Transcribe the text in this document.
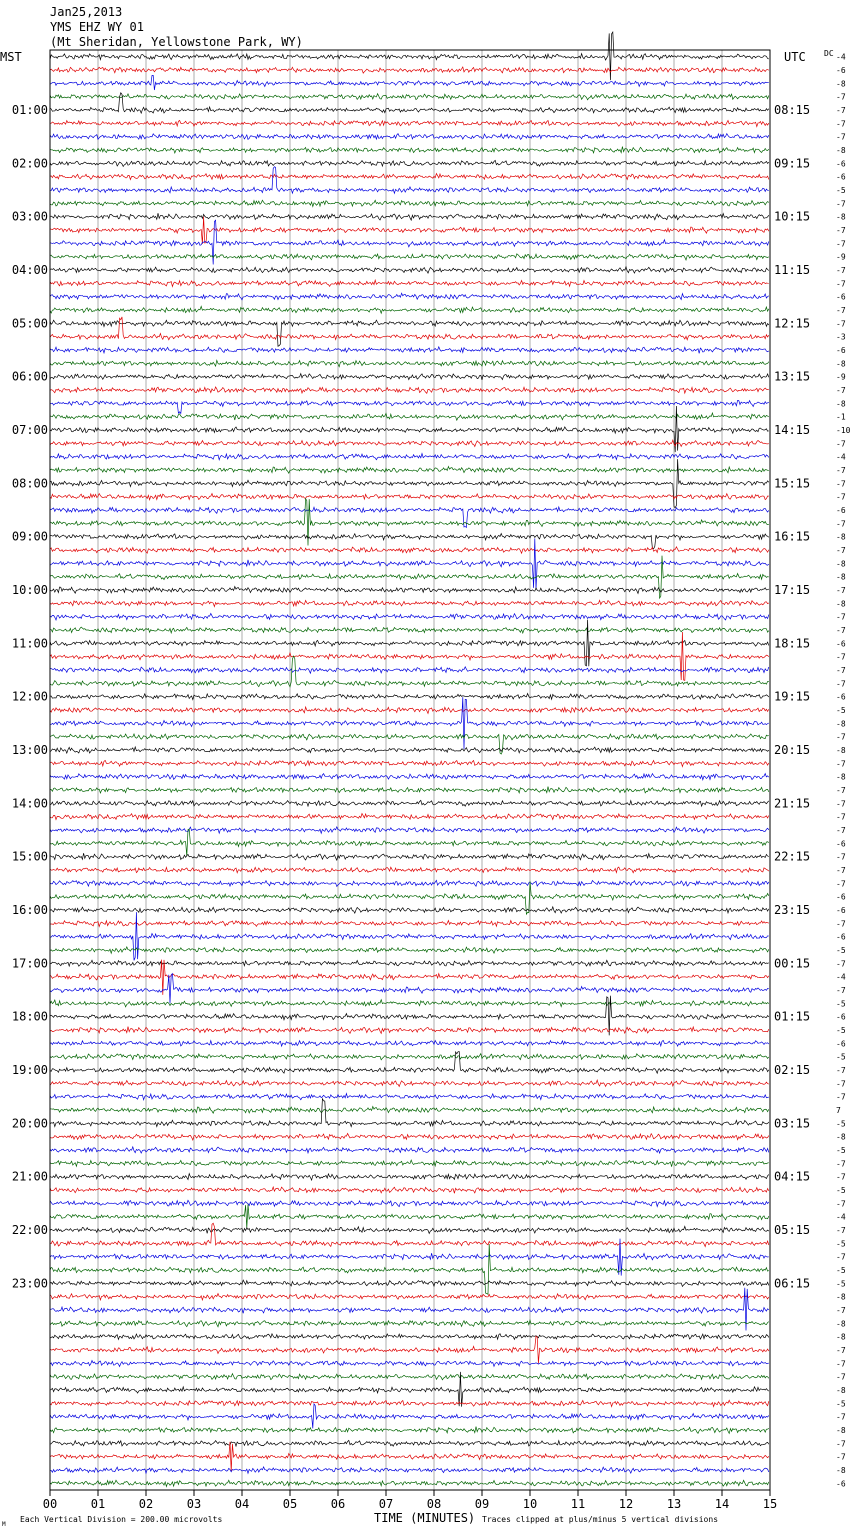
Jan25,2013
YMS EHZ WY 01
(Mt Sheridan, Yellowstone Park, WY)
MST	UTC DC
01:00
02:00
03:00
04:00
05:00
06:00
07:00
08:00
09:00
10:00
11:00
12:00
13:00
14:00
15:00
16:00
17:00
18:00
19:00
20:00
21:00
22:00
23:00
08:15
09:15
10:15
11:15
12:15
13:15
14:15
15:15
16:15
17:15
18:15
19:15
20:15
21:15
22:15
23:15
00:15
01:15
02:15
03:15
04:15
05:15
06:15
-4
-6
-8
-7
-7
-7
-7
-8
-6
-6
-5
-7
-8
-7
-7
-9
-7
-7
-6
-7
-7
-3
-6
-8
-9
-7
-8
-1
-10
-7
-4
-7
-7
-7
-6
-7
-8
-7
-8
-8
-7
-8
-7
-7
-6
-7
-7
-7
-6
-5
-8
-7
-8
-7
-8
-7
-7
-7
-7
-6
-7
-7
-7
-6
-6
-7
-6
-5
-7
-4
-7
-5
-6
-5
-6
-5
-7
-7
-7
7
-5
-8
-5
-7
-7
-5
-7
-4
-7
-5
-7
-5
-5
-8
-7
-8
-8
-7
-7
-7
-8
-5
-7
-8
-7
-7
-8
-6
00	01	02	03	04	05	06	07	08	09	10	11	12	13	14	15
M
Each Vertical Division = 200.00 microvolts	TIME (MINUTES) Traces clipped at plus/minus 5 vertical divisions
